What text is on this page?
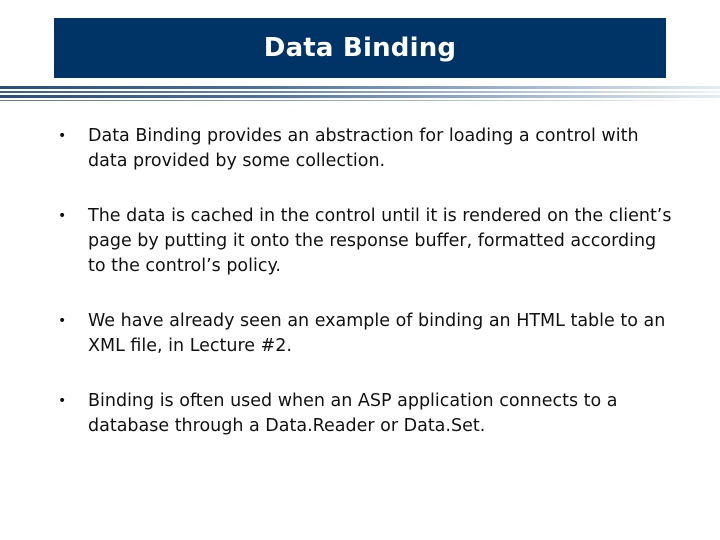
Data Binding
•	Data Binding provides an abstraction for loading a control with data provided by some collection.
•	The data is cached in the control until it is rendered on the client’s page by putting it onto the response buffer, formatted according to the control’s policy.
•	We have already seen an example of binding an HTML table to an XML file, in Lecture #2.
•	Binding is often used when an ASP application connects to a database through a Data.Reader or Data.Set.
